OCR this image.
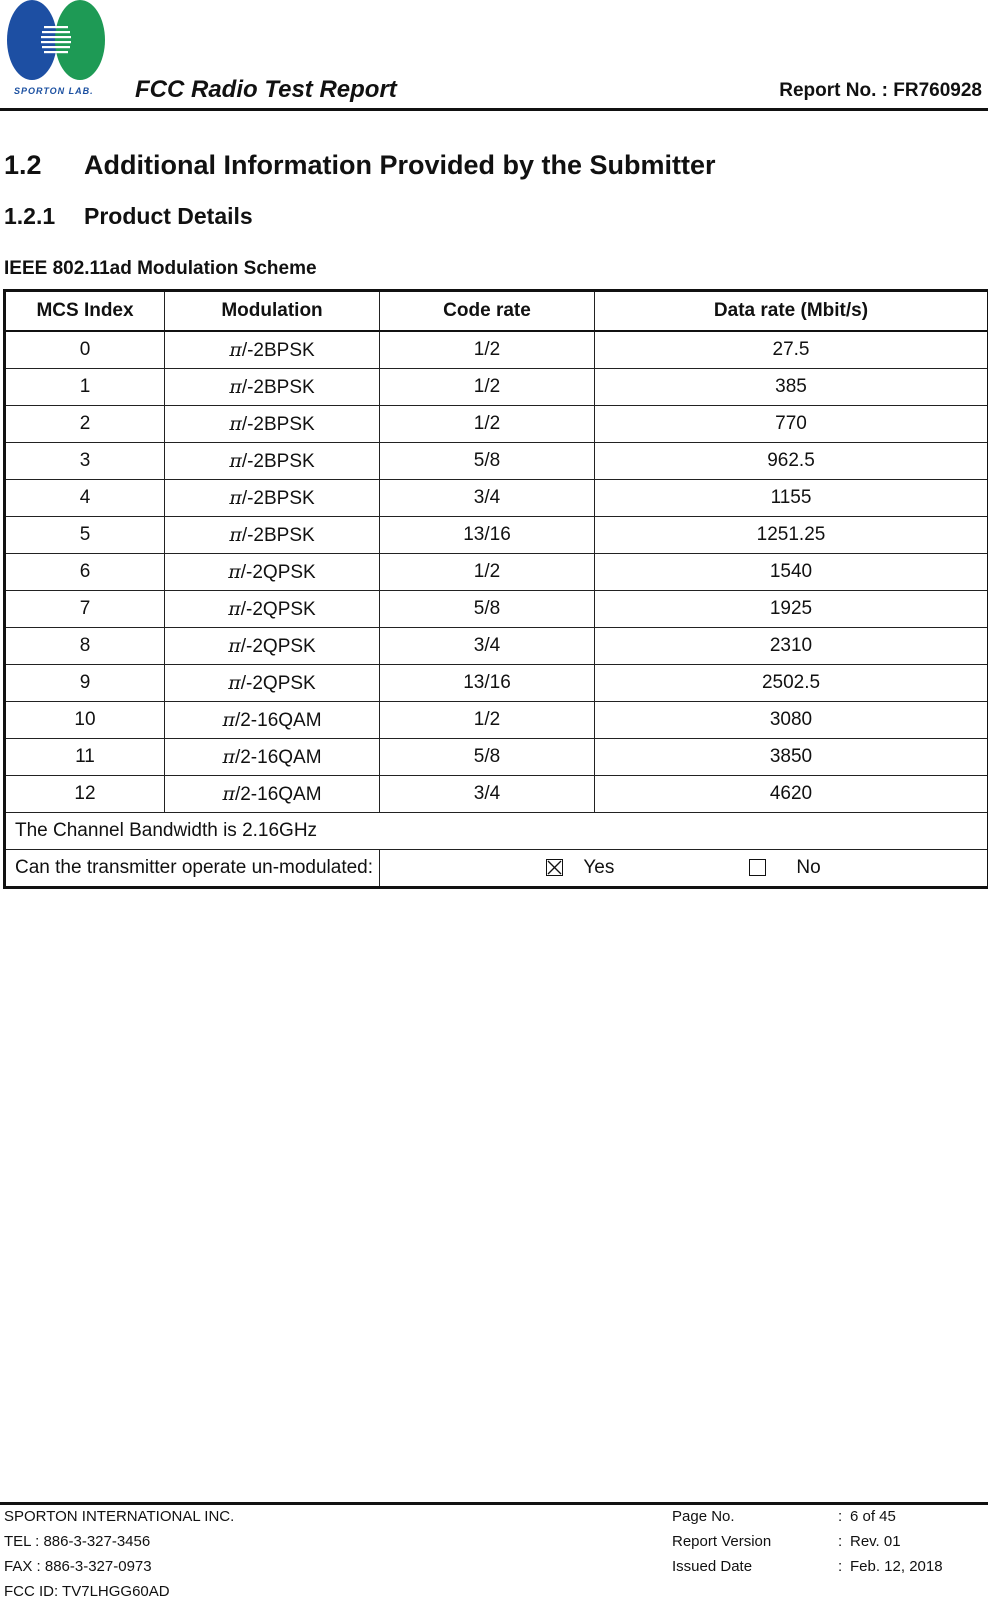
SPORTON LAB. FCC Radio Test Report	Report No. : FR760928
1.2 Additional Information Provided by the Submitter
1.2.1 Product Details
IEEE 802.11ad Modulation Scheme
MCS Index	Modulation	Code rate	Data rate (Mbit/s)
0	π/-2BPSK	1/2	27.5
1	π/-2BPSK	1/2	385
2	π/-2BPSK	1/2	770
3	π/-2BPSK	5/8	962.5
4	π/-2BPSK	3/4	1155
5	π/-2BPSK	13/16	1251.25
6	π/-2QPSK	1/2	1540
7	π/-2QPSK	5/8	1925
8	π/-2QPSK	3/4	2310
9	π/-2QPSK	13/16	2502.5
10	π/2-16QAM	1/2	3080
11	π/2-16QAM	5/8	3850
12	π/2-16QAM	3/4	4620
The Channel Bandwidth is 2.16GHz			
Can the transmitter operate un-modulated:		Yes No	
SPORTON INTERNATIONAL INC.	Page No.	: 6 of 45
TEL : 886-3-327-3456	Report Version	: Rev. 01
FAX : 886-3-327-0973	Issued Date	: Feb. 12, 2018
FCC ID: TV7LHGG60AD
